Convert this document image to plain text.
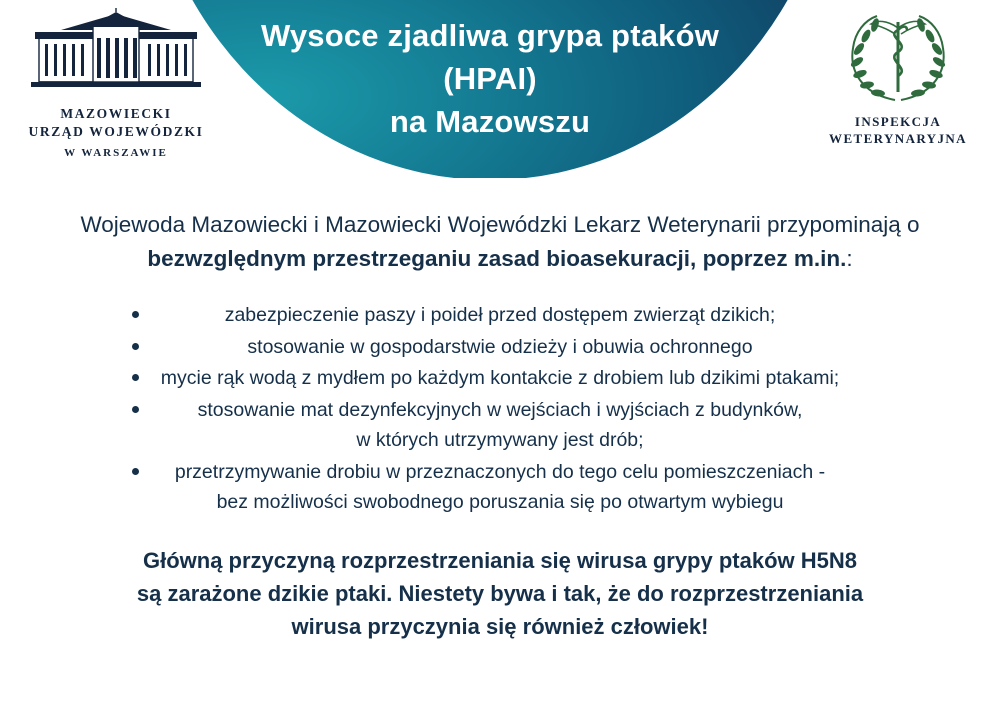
MAZOWIECKI
URZĄD WOJEWÓDZKI
W WARSZAWIE
Wysoce zjadliwa grypa ptaków
(HPAI)
na Mazowszu	INSPEKCJA
WETERYNARYJNA

Wojewoda Mazowiecki i Mazowiecki Wojewódzki Lekarz Weterynarii przypominają o bezwzględnym przestrzeganiu zasad bioasekuracji, poprzez m.in.:

zabezpieczenie paszy i poideł przed dostępem zwierząt dzikich;
stosowanie w gospodarstwie odzieży i obuwia ochronnego
mycie rąk wodą z mydłem po każdym kontakcie z drobiem lub dzikimi ptakami;
stosowanie mat dezynfekcyjnych w wejściach i wyjściach z budynków,
w których utrzymywany jest drób;
przetrzymywanie drobiu w przeznaczonych do tego celu pomieszczeniach -
bez możliwości swobodnego poruszania się po otwartym wybiegu
Główną przyczyną rozprzestrzeniania się wirusa grypy ptaków H5N8
są zarażone dzikie ptaki. Niestety bywa i tak, że do rozprzestrzeniania
wirusa przyczynia się również człowiek!
